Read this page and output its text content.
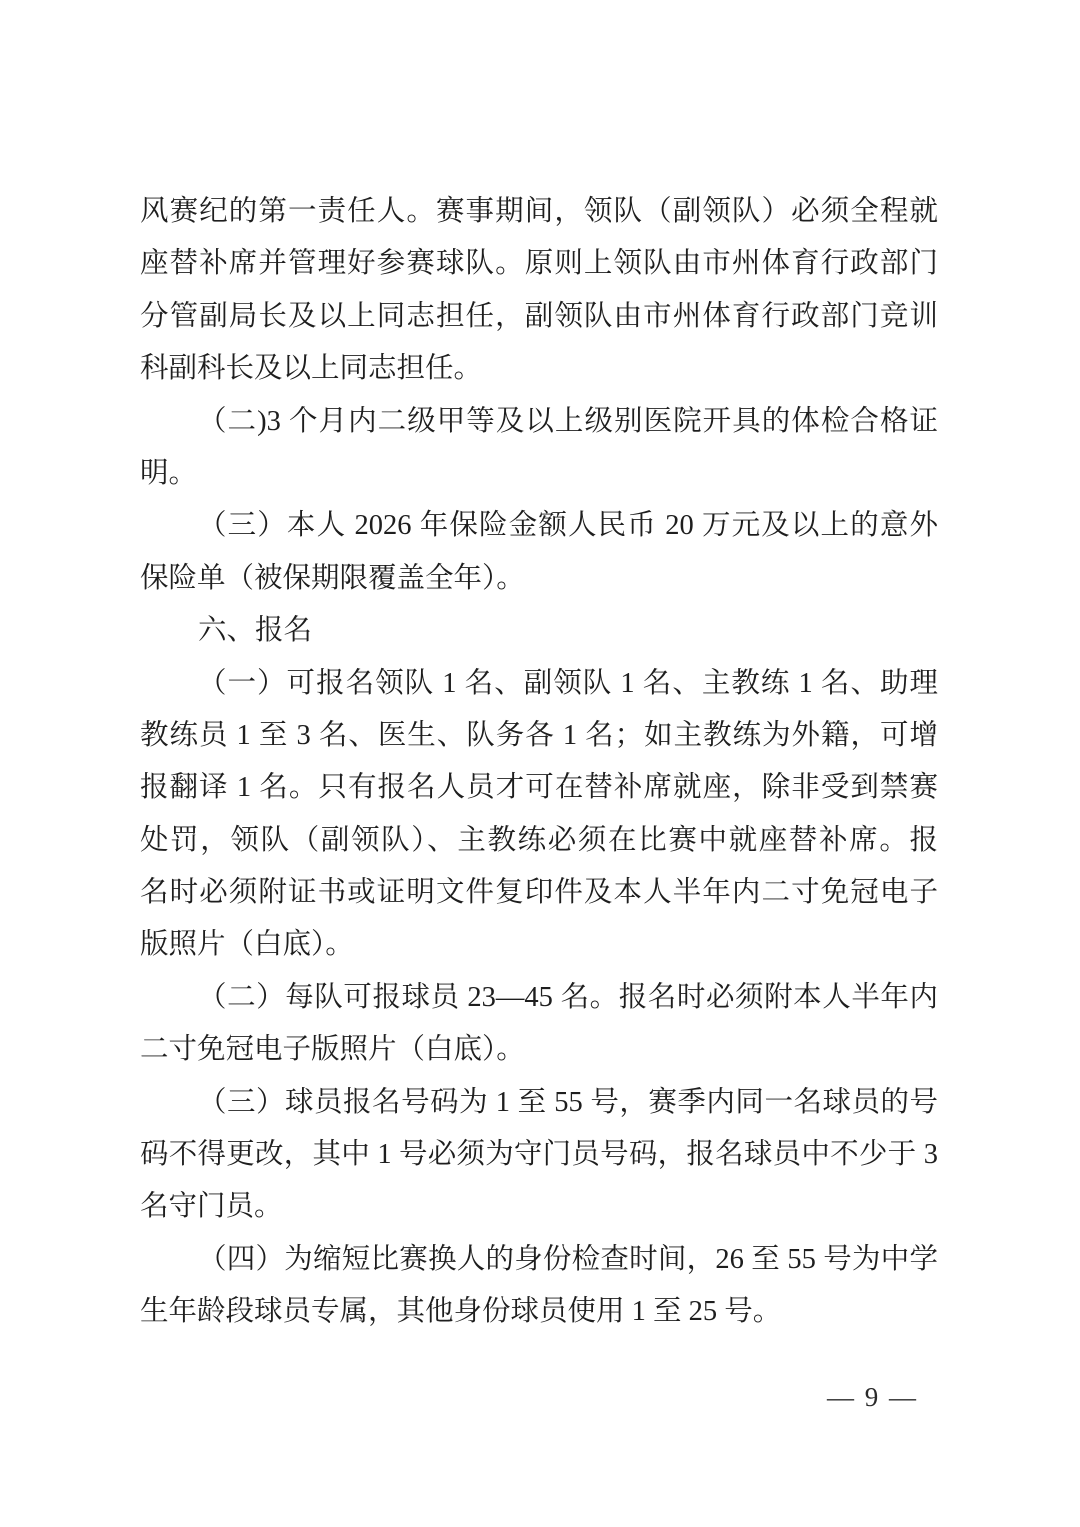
风赛纪的第一责任人。赛事期间，领队（副领队）必须全程就
座替补席并管理好参赛球队。原则上领队由市州体育行政部门
分管副局长及以上同志担任，副领队由市州体育行政部门竞训
科副科长及以上同志担任。
（二)3 个月内二级甲等及以上级别医院开具的体检合格证
明。
（三）本人 2026 年保险金额人民币 20 万元及以上的意外
保险单（被保期限覆盖全年）。
六、报名
（一）可报名领队 1 名、副领队 1 名、主教练 1 名、助理
教练员 1 至 3 名、医生、队务各 1 名；如主教练为外籍，可增
报翻译 1 名。只有报名人员才可在替补席就座，除非受到禁赛
处罚，领队（副领队）、主教练必须在比赛中就座替补席。报
名时必须附证书或证明文件复印件及本人半年内二寸免冠电子
版照片（白底）。
（二）每队可报球员 23—45 名。报名时必须附本人半年内
二寸免冠电子版照片（白底）。
（三）球员报名号码为 1 至 55 号，赛季内同一名球员的号
码不得更改，其中 1 号必须为守门员号码，报名球员中不少于 3
名守门员。
（四）为缩短比赛换人的身份检查时间，26 至 55 号为中学
生年龄段球员专属，其他身份球员使用 1 至 25 号。
— 9 —
